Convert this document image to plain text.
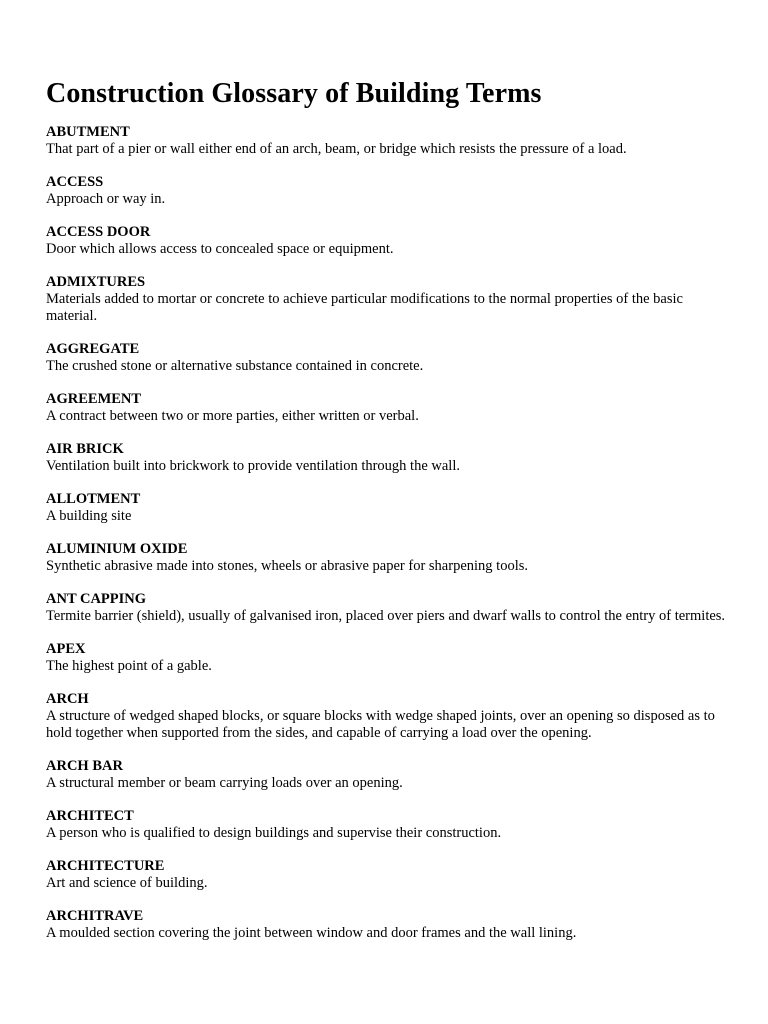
Construction Glossary of Building Terms

ABUTMENT

That part of a pier or wall either end of an arch, beam, or bridge which resists the pressure of a load.

ACCESS

Approach or way in.

ACCESS DOOR

Door which allows access to concealed space or equipment.

ADMIXTURES

Materials added to mortar or concrete to achieve particular modifications to the normal properties of the basic material.

AGGREGATE

The crushed stone or alternative substance contained in concrete.

AGREEMENT

A contract between two or more parties, either written or verbal.

AIR BRICK

Ventilation built into brickwork to provide ventilation through the wall.

ALLOTMENT

A building site

ALUMINIUM OXIDE

Synthetic abrasive made into stones, wheels or abrasive paper for sharpening tools.

ANT CAPPING

Termite barrier (shield), usually of galvanised iron, placed over piers and dwarf walls to control the entry of termites.

APEX

The highest point of a gable.

ARCH

A structure of wedged shaped blocks, or square blocks with wedge shaped joints, over an opening so disposed as to hold together when supported from the sides, and capable of carrying a load over the opening.

ARCH BAR

A structural member or beam carrying loads over an opening.

ARCHITECT

A person who is qualified to design buildings and supervise their construction.

ARCHITECTURE

Art and science of building.

ARCHITRAVE

A moulded section covering the joint between window and door frames and the wall lining.
